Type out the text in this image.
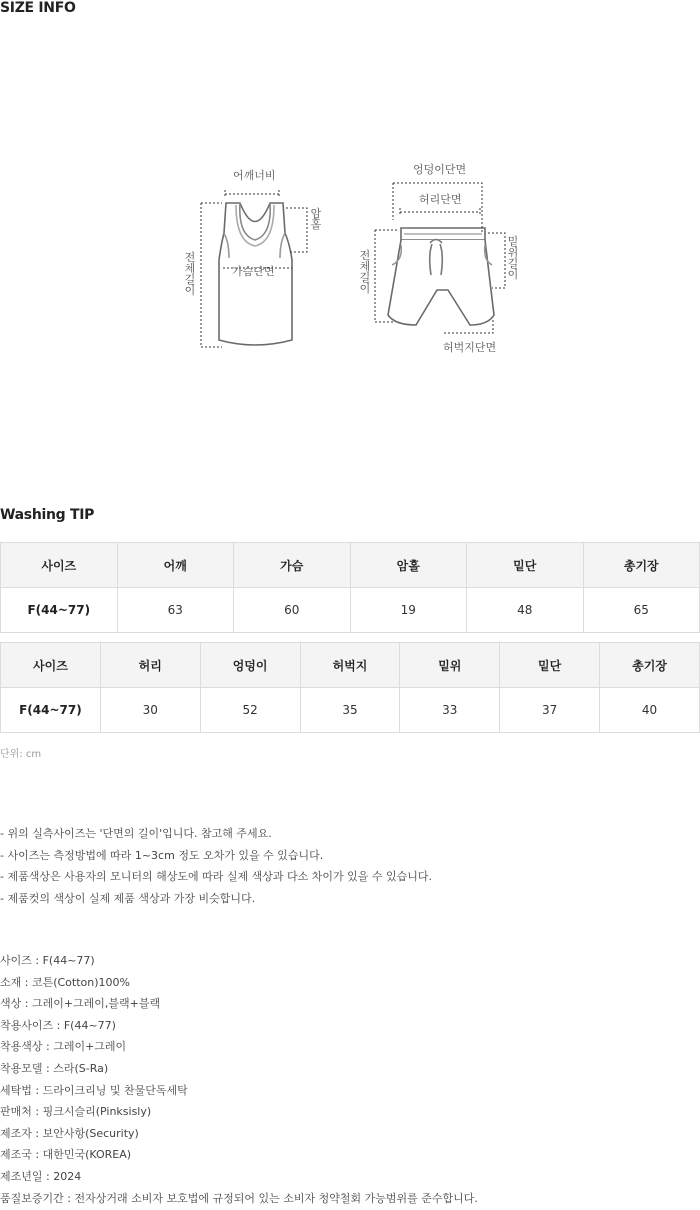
SIZE INFO
어깨너비
가슴단면
암홀
전체길이
엉덩이단면
허리단면
밑위길이
전체길이
허벅지단면
Washing TIP
사이즈	어깨	가슴	암홀	밑단	총기장
F(44~77)	63	60	19	48	65
사이즈	허리	엉덩이	허벅지	밑위	밑단	총기장
F(44~77)	30	52	35	33	37	40
단위: cm
- 위의 실측사이즈는 '단면의 길이'입니다. 참고해 주세요.
- 사이즈는 측정방법에 따라 1~3cm 정도 오차가 있을 수 있습니다.
- 제품색상은 사용자의 모니터의 해상도에 따라 실제 색상과 다소 차이가 있을 수 있습니다.
- 제품컷의 색상이 실제 제품 색상과 가장 비슷합니다.
사이즈 : F(44~77)
소재 : 코튼(Cotton)100%
색상 : 그레이+그레이,블랙+블랙
착용사이즈 : F(44~77)
착용색상 : 그레이+그레이
착용모델 : 스라(S-Ra)
세탁법 : 드라이크리닝 및 찬물단독세탁
판매처 : 핑크시슬리(Pinksisly)
제조자 : 보안사항(Security)
제조국 : 대한민국(KOREA)
제조년일 : 2024
품질보증기간 : 전자상거래 소비자 보호법에 규정되어 있는 소비자 청약철회 가능범위를 준수합니다.
